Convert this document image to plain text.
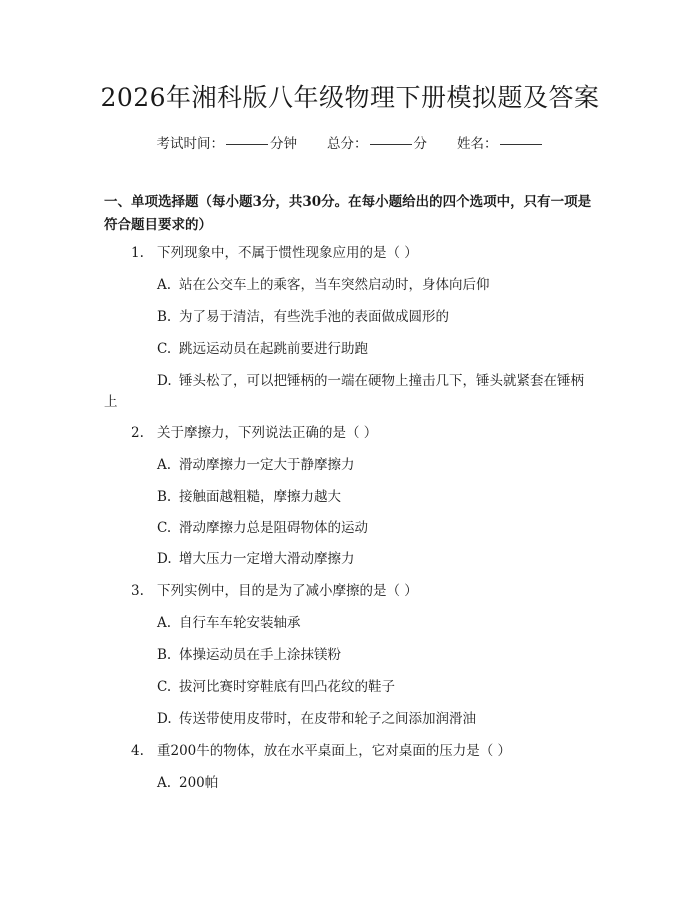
2026年湘科版八年级物理下册模拟题及答案
考试时间：	分钟 总分：	分 姓名：
一、单项选择题（每小题3分，共30分。在每小题给出的四个选项中，只有一项是符合题目要求的）
1. 下列现象中，不属于惯性现象应用的是（ ）
A. 站在公交车上的乘客，当车突然启动时，身体向后仰
B. 为了易于清洁，有些洗手池的表面做成圆形的
C. 跳远运动员在起跳前要进行助跑
D. 锤头松了，可以把锤柄的一端在硬物上撞击几下，锤头就紧套在锤柄
上
2. 关于摩擦力，下列说法正确的是（ ）
A. 滑动摩擦力一定大于静摩擦力
B. 接触面越粗糙，摩擦力越大
C. 滑动摩擦力总是阻碍物体的运动
D. 增大压力一定增大滑动摩擦力
3. 下列实例中，目的是为了减小摩擦的是（ ）
A. 自行车车轮安装轴承
B. 体操运动员在手上涂抹镁粉
C. 拔河比赛时穿鞋底有凹凸花纹的鞋子
D. 传送带使用皮带时，在皮带和轮子之间添加润滑油
4. 重200牛的物体，放在水平桌面上，它对桌面的压力是（ ）
A. 200帕
